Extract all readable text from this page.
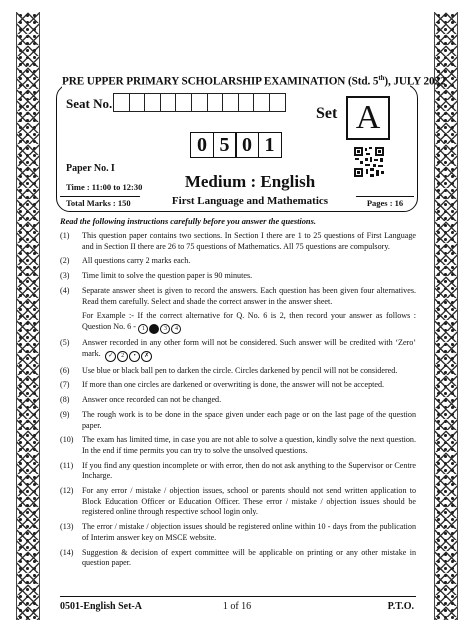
PRE UPPER PRIMARY SCHOLARSHIP EXAMINATION (Std. 5th), JULY 2022
Seat No.
Set A
0 5 0 1
Paper No. I
Time : 11:00 to 12:30	Medium : English
First Language and Mathematics
Total Marks : 150	Pages : 16
Read the following instructions carefully before you answer the questions.
(1)	This question paper contains two sections. In Section I there are 1 to 25 questions of First Language and in Section II there are 26 to 75 questions of Mathematics. All 75 questions are compulsory.
(2)	All questions carry 2 marks each.
(3)	Time limit to solve the question paper is 90 minutes.
(4)	Separate answer sheet is given to record the answers. Each question has been given four alternatives. Read them carefully. Select and shade the correct answer in the answer sheet.
For Example :- If the correct alternative for Q. No. 6 is 2, then record your answer as follows : Question No. 6 - 1 2 3 4
(5)	Answer recorded in any other form will not be considered. Such answer will be credited with ‘Zero’ mark. ✓ 2 • ✗
(6)	Use blue or black ball pen to darken the circle. Circles darkened by pencil will not be considered.
(7)	If more than one circles are darkened or overwriting is done, the answer will not be accepted.
(8)	Answer once recorded can not be changed.
(9)	The rough work is to be done in the space given under each page or on the last page of the question paper.
(10)	The exam has limited time, in case you are not able to solve a question, kindly solve the next question. In the end if time permits you can try to solve the unsolved questions.
(11)	If you find any question incomplete or with error, then do not ask anything to the Supervisor or Centre Incharge.
(12)	For any error / mistake / objection issues, school or parents should not send written application to Block Education Officer or Education Officer. These error / mistake / objection issues should be registered online through respective school login only.
(13)	The error / mistake / objection issues should be registered online within 10 - days from the publication of Interim answer key on MSCE website.
(14)	Suggestion & decision of expert committee will be applicable on printing or any other mistake in question paper.
0501-English Set-A	1 of 16	P.T.O.
